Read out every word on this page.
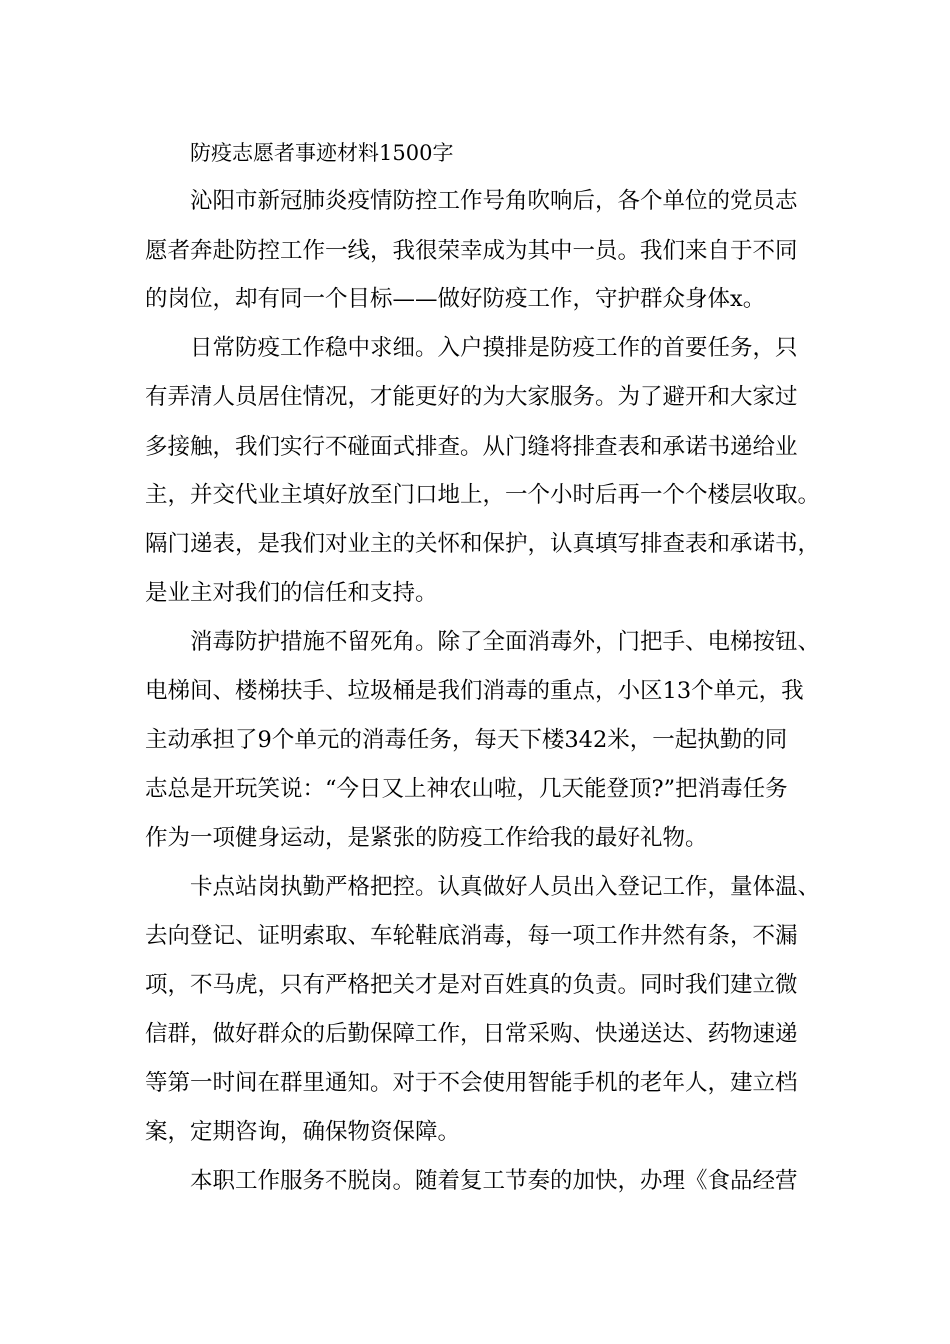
防疫志愿者事迹材料1500字
沁阳市新冠肺炎疫情防控工作号角吹响后，各个单位的党员志
愿者奔赴防控工作一线，我很荣幸成为其中一员。我们来自于不同
的岗位，却有同一个目标——做好防疫工作，守护群众身体x。
日常防疫工作稳中求细。入户摸排是防疫工作的首要任务，只
有弄清人员居住情况，才能更好的为大家服务。为了避开和大家过
多接触，我们实行不碰面式排查。从门缝将排查表和承诺书递给业
主，并交代业主填好放至门口地上，一个小时后再一个个楼层收取。
隔门递表，是我们对业主的关怀和保护，认真填写排查表和承诺书，
是业主对我们的信任和支持。
消毒防护措施不留死角。除了全面消毒外，门把手、电梯按钮、
电梯间、楼梯扶手、垃圾桶是我们消毒的重点，小区13个单元，我
主动承担了9个单元的消毒任务，每天下楼342米，一起执勤的同
志总是开玩笑说：“今日又上神农山啦，几天能登顶?”把消毒任务
作为一项健身运动，是紧张的防疫工作给我的最好礼物。
卡点站岗执勤严格把控。认真做好人员出入登记工作，量体温、
去向登记、证明索取、车轮鞋底消毒，每一项工作井然有条，不漏
项，不马虎，只有严格把关才是对百姓真的负责。同时我们建立微
信群，做好群众的后勤保障工作，日常采购、快递送达、药物速递
等第一时间在群里通知。对于不会使用智能手机的老年人，建立档
案，定期咨询，确保物资保障。
本职工作服务不脱岗。随着复工节奏的加快，办理《食品经营
